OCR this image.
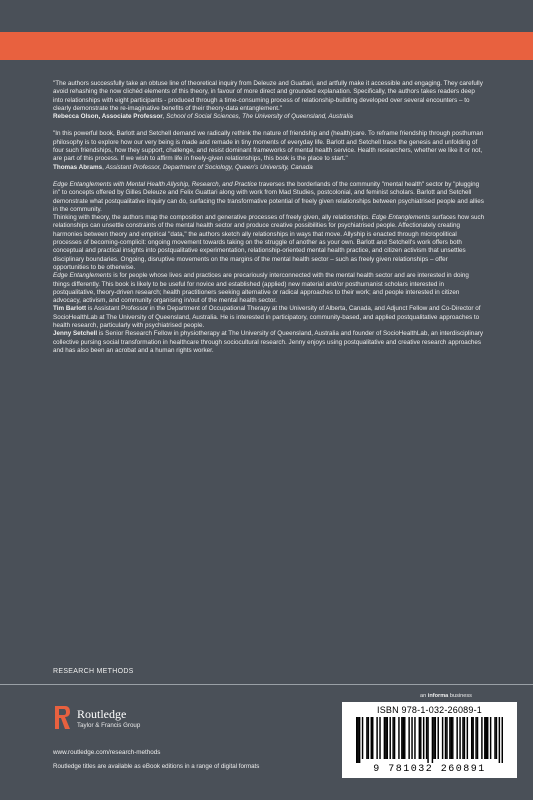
"The authors successfully take an obtuse line of theoretical inquiry from Deleuze and Guattari, and artfully make it accessible and engaging. They carefully avoid rehashing the now clichéd elements of this theory, in favour of more direct and grounded explanation. Specifically, the authors takes readers deep into relationships with eight participants - produced through a time-consuming process of relationship-building developed over several encounters – to clearly demonstrate the re-imaginative benefits of their theory-data entanglement."

Rebecca Olson, Associate Professor, School of Social Sciences, The University of Queensland, Australia

"In this powerful book, Barlott and Setchell demand we radically rethink the nature of friendship and (health)care. To reframe friendship through posthuman philosophy is to explore how our very being is made and remade in tiny moments of everyday life. Barlott and Setchell trace the genesis and unfolding of four such friendships, how they support, challenge, and resist dominant frameworks of mental health service. Health researchers, whether we like it or not, are part of this process. If we wish to affirm life in freely-given relationships, this book is the place to start."

Thomas Abrams, Assistant Professor, Department of Sociology, Queen's University, Canada

Edge Entanglements with Mental Health Allyship, Research, and Practice traverses the borderlands of the community "mental health" sector by "plugging in" to concepts offered by Gilles Deleuze and Felix Guattari along with work from Mad Studies, postcolonial, and feminist scholars. Barlott and Setchell demonstrate what postqualitative inquiry can do, surfacing the transformative potential of freely given relationships between psychiatrised people and allies in the community.

Thinking with theory, the authors map the composition and generative processes of freely given, ally relationships. Edge Entanglements surfaces how such relationships can unsettle constraints of the mental health sector and produce creative possibilities for psychiatrised people. Affectionately creating harmonies between theory and empirical "data," the authors sketch ally relationships in ways that move. Allyship is enacted through micropolitical processes of becoming-complicit: ongoing movement towards taking on the struggle of another as your own. Barlott and Setchell's work offers both conceptual and practical insights into postqualitative experimentation, relationship-oriented mental health practice, and citizen activism that unsettles disciplinary boundaries. Ongoing, disruptive movements on the margins of the mental health sector – such as freely given relationships – offer opportunities to be otherwise.

Edge Entanglements is for people whose lives and practices are precariously interconnected with the mental health sector and are interested in doing things differently. This book is likely to be useful for novice and established (applied) new material and/or posthumanist scholars interested in postqualitative, theory-driven research; health practitioners seeking alternative or radical approaches to their work; and people interested in citizen advocacy, activism, and community organising in/out of the mental health sector.

Tim Barlott is Assistant Professor in the Department of Occupational Therapy at the University of Alberta, Canada, and Adjunct Fellow and Co-Director of SocioHealthLab at The University of Queensland, Australia. He is interested in participatory, community-based, and applied postqualitative approaches to health research, particularly with psychiatrised people.

Jenny Setchell is Senior Research Fellow in physiotherapy at The University of Queensland, Australia and founder of SocioHealthLab, an interdisciplinary collective pursing social transformation in healthcare through sociocultural research. Jenny enjoys using postqualitative and creative research approaches and has also been an acrobat and a human rights worker.

RESEARCH METHODS
an informa business
Routledge
Taylor & Francis Group
www.routledge.com/research-methods
Routledge titles are available as eBook editions in a range of digital formats
ISBN 978-1-032-26089-1
9 781032 260891
